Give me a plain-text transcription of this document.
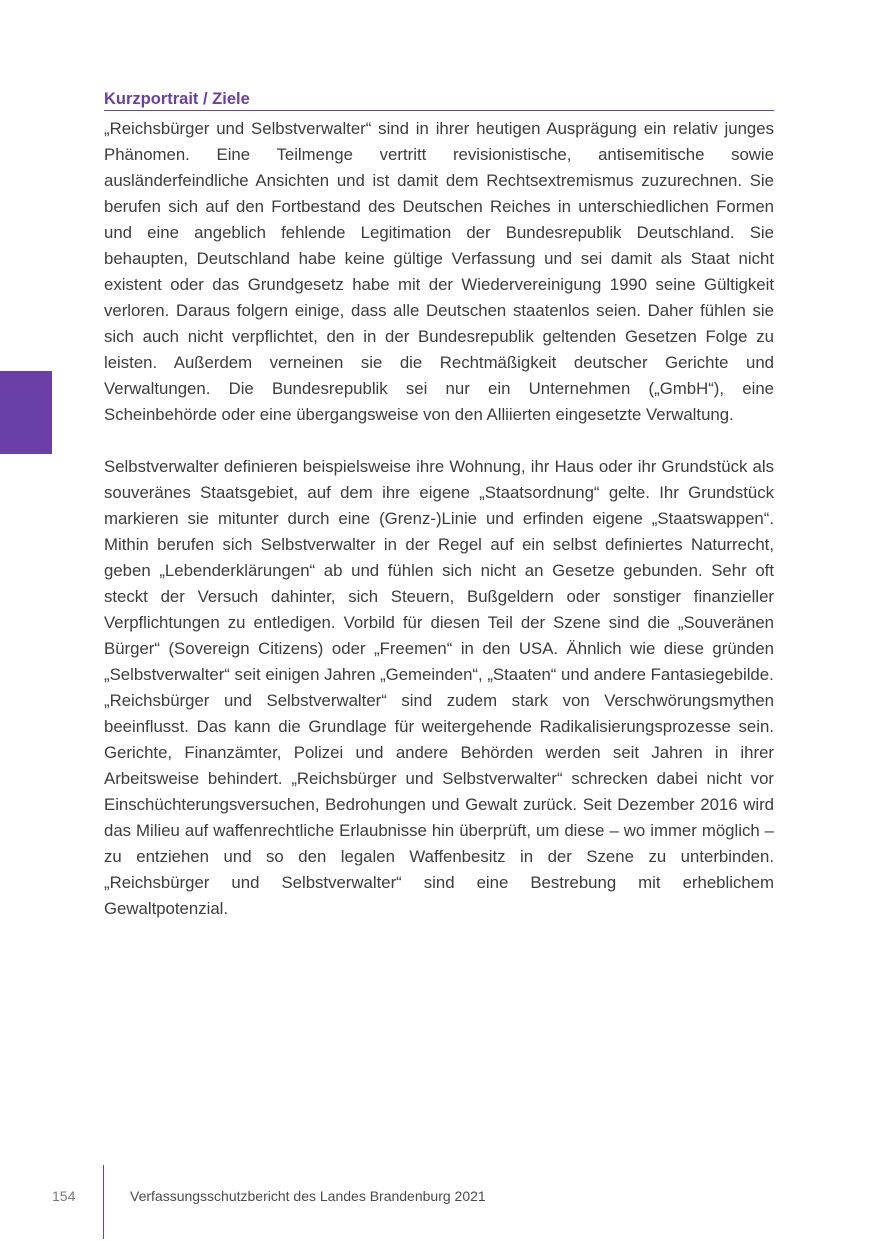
Kurzportrait / Ziele

„Reichsbürger und Selbstverwalter“ sind in ihrer heutigen Ausprägung ein relativ junges Phänomen. Eine Teilmenge vertritt revisionistische, antisemitische sowie ausländerfeindliche Ansichten und ist damit dem Rechtsextremismus zuzurechnen. Sie berufen sich auf den Fortbestand des Deutschen Reiches in unterschiedlichen Formen und eine angeblich fehlende Legitimation der Bundesrepublik Deutschland. Sie behaupten, Deutschland habe keine gültige Verfassung und sei damit als Staat nicht existent oder das Grundgesetz habe mit der Wiedervereinigung 1990 seine Gültigkeit verloren. Daraus folgern einige, dass alle Deutschen staatenlos seien. Daher fühlen sie sich auch nicht verpflichtet, den in der Bundesrepublik geltenden Gesetzen Folge zu leisten. Außerdem verneinen sie die Rechtmäßigkeit deutscher Gerichte und Verwaltungen. Die Bundesrepublik sei nur ein Unternehmen („GmbH“), eine Scheinbehörde oder eine übergangsweise von den Alliierten eingesetzte Verwaltung.

Selbstverwalter definieren beispielsweise ihre Wohnung, ihr Haus oder ihr Grundstück als souveränes Staatsgebiet, auf dem ihre eigene „Staatsordnung“ gelte. Ihr Grundstück markieren sie mitunter durch eine (Grenz-)Linie und erfinden eigene „Staatswappen“. Mithin berufen sich Selbstverwalter in der Regel auf ein selbst definiertes Naturrecht, geben „Lebenderklärungen“ ab und fühlen sich nicht an Gesetze gebunden. Sehr oft steckt der Versuch dahinter, sich Steuern, Bußgeldern oder sonstiger finanzieller Verpflichtungen zu entledigen. Vorbild für diesen Teil der Szene sind die „Souveränen Bürger“ (Sovereign Citizens) oder „Freemen“ in den USA. Ähnlich wie diese gründen „Selbstverwalter“ seit einigen Jahren „Gemeinden“, „Staaten“ und andere Fantasiegebilde.

„Reichsbürger und Selbstverwalter“ sind zudem stark von Verschwörungsmythen beeinflusst. Das kann die Grundlage für weitergehende Radikalisierungsprozesse sein. Gerichte, Finanzämter, Polizei und andere Behörden werden seit Jahren in ihrer Arbeitsweise behindert. „Reichsbürger und Selbstverwalter“ schrecken dabei nicht vor Einschüchterungsversuchen, Bedrohungen und Gewalt zurück. Seit Dezember 2016 wird das Milieu auf waffenrechtliche Erlaubnisse hin überprüft, um diese – wo immer möglich – zu entziehen und so den legalen Waffenbesitz in der Szene zu unterbinden. „Reichsbürger und Selbstverwalter“ sind eine Bestrebung mit erheblichem Gewaltpotenzial.

154	Verfassungsschutzbericht des Landes Brandenburg 2021
